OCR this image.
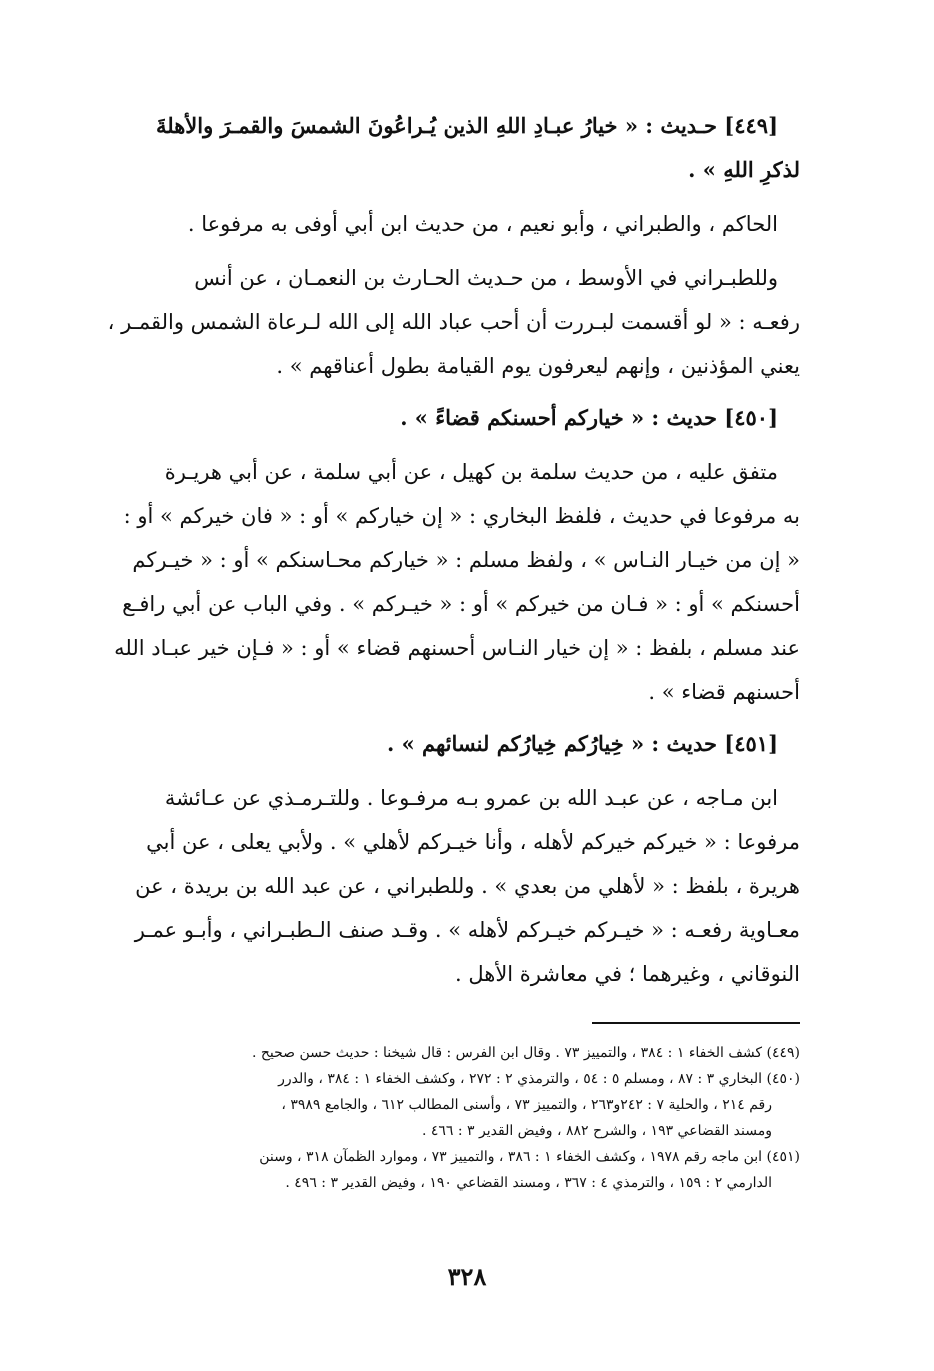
[٤٤٩] حـديث : « خيارُ عبـادِ اللهِ الذين يُـراعُونَ الشمسَ والقمـرَ والأهلةَ
لذكرِ اللهِ » .
الحاكم ، والطبراني ، وأبو نعيم ، من حديث ابن أبي أوفى به مرفوعا .
وللطبـراني في الأوسط ، من حـديث الحـارث بن النعمـان ، عن أنس
رفعـه : « لو أقسمت لبـررت أن أحب عباد الله إلى الله لـرعاة الشمس والقمـر ،
يعني المؤذنين ، وإنهم ليعرفون يوم القيامة بطول أعناقهم » .
[٤٥٠] حديث : « خياركم أحسنكم قضاءً » .
متفق عليه ، من حديث سلمة بن كهيل ، عن أبي سلمة ، عن أبي هريـرة
به مرفوعا في حديث ، فلفظ البخاري : « إن خياركم » أو : « فان خيركم » أو :
« إن من خيـار النـاس » ، ولفظ مسلم : « خياركم محـاسنكم » أو : « خيـركم
أحسنكم » أو : « فـان من خيركم » أو : « خيـركم » . وفي الباب عن أبي رافـع
عند مسلم ، بلفظ : « إن خيار النـاس أحسنهم قضاء » أو : « فـإن خير عبـاد الله
أحسنهم قضاء » .
[٤٥١] حديث : « خِيارُكم خِيارُكم لنسائهم » .
ابن مـاجه ، عن عبـد الله بن عمرو بـه مرفـوعا . وللتـرمـذي عن عـائشة
مرفوعا : « خيركم خيركم لأهله ، وأنا خيـركم لأهلي » . ولأبي يعلى ، عن أبي
هريرة ، بلفظ : « لأهلي من بعدي » . وللطبراني ، عن عبد الله بن بريدة ، عن
معـاوية رفعـه : « خيـركم خيـركم لأهله » . وقـد صنف الـطبـراني ، وأبـو عمـر
النوقاني ، وغيرهما ؛ في معاشرة الأهل .
(٤٤٩) كشف الخفاء ١ : ٣٨٤ ، والتمييز ٧٣ . وقال ابن الفرس : قال شيخنا : حديث حسن صحيح .
(٤٥٠) البخاري ٣ : ٨٧ ، ومسلم ٥ : ٥٤ ، والترمذي ٢ : ٢٧٢ ، وكشف الخفاء ١ : ٣٨٤ ، والدرر
رقم ٢١٤ ، والحلية ٧ : ٢٤٢و٢٦٣ ، والتمييز ٧٣ ، وأسنى المطالب ٦١٢ ، والجامع ٣٩٨٩ ،
ومسند القضاعي ١٩٣ ، والشرح ٨٨٢ ، وفيض القدير ٣ : ٤٦٦ .
(٤٥١) ابن ماجه رقم ١٩٧٨ ، وكشف الخفاء ١ : ٣٨٦ ، والتمييز ٧٣ ، وموارد الظمآن ٣١٨ ، وسنن
الدارمي ٢ : ١٥٩ ، والترمذي ٤ : ٣٦٧ ، ومسند القضاعي ١٩٠ ، وفيض القدير ٣ : ٤٩٦ .
٣٢٨
